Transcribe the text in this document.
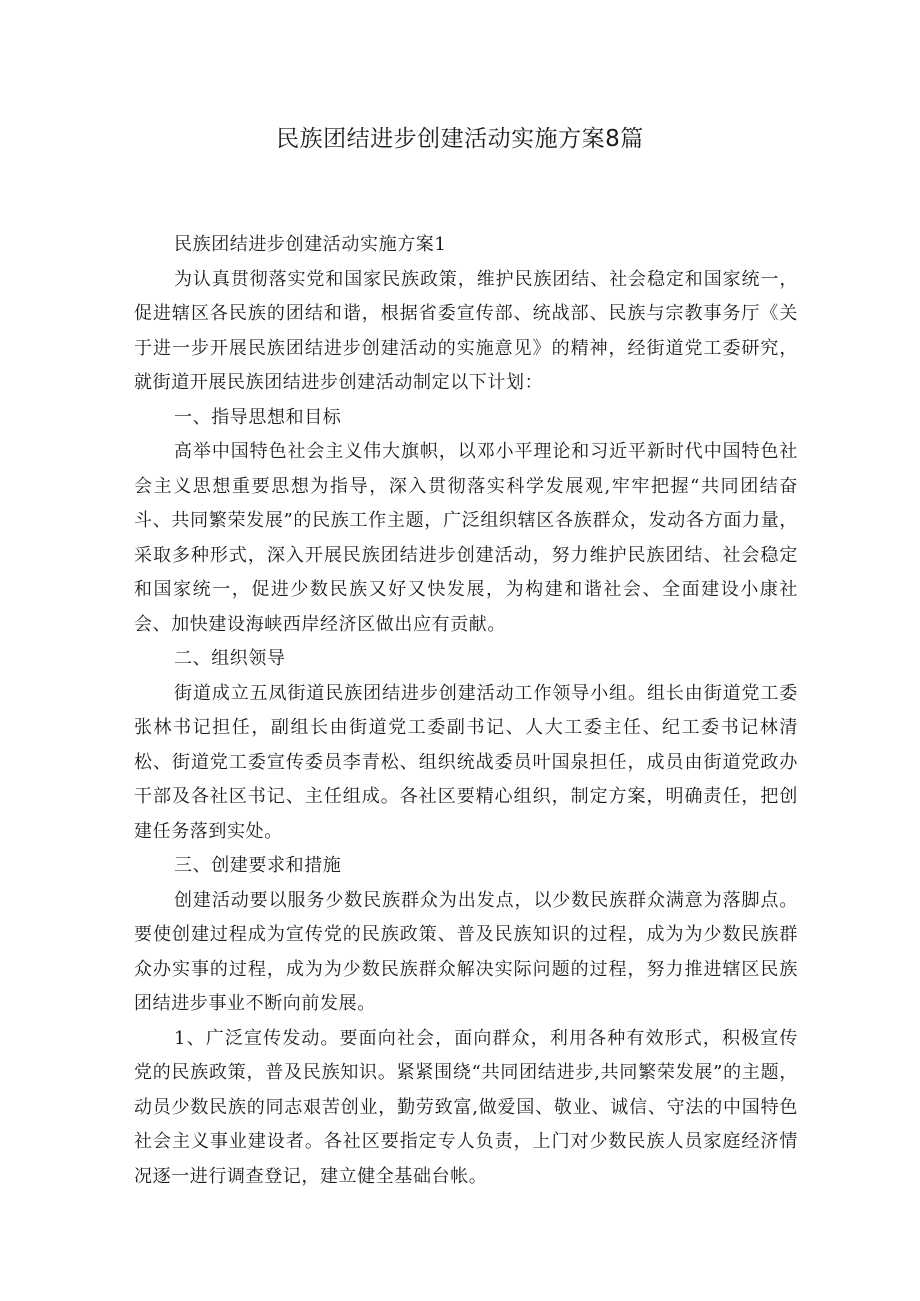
民族团结进步创建活动实施方案8篇

民族团结进步创建活动实施方案1

为认真贯彻落实党和国家民族政策，维护民族团结、社会稳定和国家统一，促进辖区各民族的团结和谐，根据省委宣传部、统战部、民族与宗教事务厅《关于进一步开展民族团结进步创建活动的实施意见》的精神，经街道党工委研究，就街道开展民族团结进步创建活动制定以下计划：

一、指导思想和目标

高举中国特色社会主义伟大旗帜，以邓小平理论和习近平新时代中国特色社会主义思想重要思想为指导，深入贯彻落实科学发展观,牢牢把握“共同团结奋斗、共同繁荣发展”的民族工作主题，广泛组织辖区各族群众，发动各方面力量，采取多种形式，深入开展民族团结进步创建活动，努力维护民族团结、社会稳定和国家统一，促进少数民族又好又快发展，为构建和谐社会、全面建设小康社会、加快建设海峡西岸经济区做出应有贡献。

二、组织领导

街道成立五凤街道民族团结进步创建活动工作领导小组。组长由街道党工委张林书记担任，副组长由街道党工委副书记、人大工委主任、纪工委书记林清松、街道党工委宣传委员李青松、组织统战委员叶国泉担任，成员由街道党政办干部及各社区书记、主任组成。各社区要精心组织，制定方案，明确责任，把创建任务落到实处。

三、创建要求和措施

创建活动要以服务少数民族群众为出发点，以少数民族群众满意为落脚点。要使创建过程成为宣传党的民族政策、普及民族知识的过程，成为为少数民族群众办实事的过程，成为为少数民族群众解决实际问题的过程，努力推进辖区民族团结进步事业不断向前发展。

1、广泛宣传发动。要面向社会，面向群众，利用各种有效形式，积极宣传党的民族政策，普及民族知识。紧紧围绕“共同团结进步,共同繁荣发展”的主题，动员少数民族的同志艰苦创业，勤劳致富,做爱国、敬业、诚信、守法的中国特色社会主义事业建设者。各社区要指定专人负责，上门对少数民族人员家庭经济情况逐一进行调查登记，建立健全基础台帐。
